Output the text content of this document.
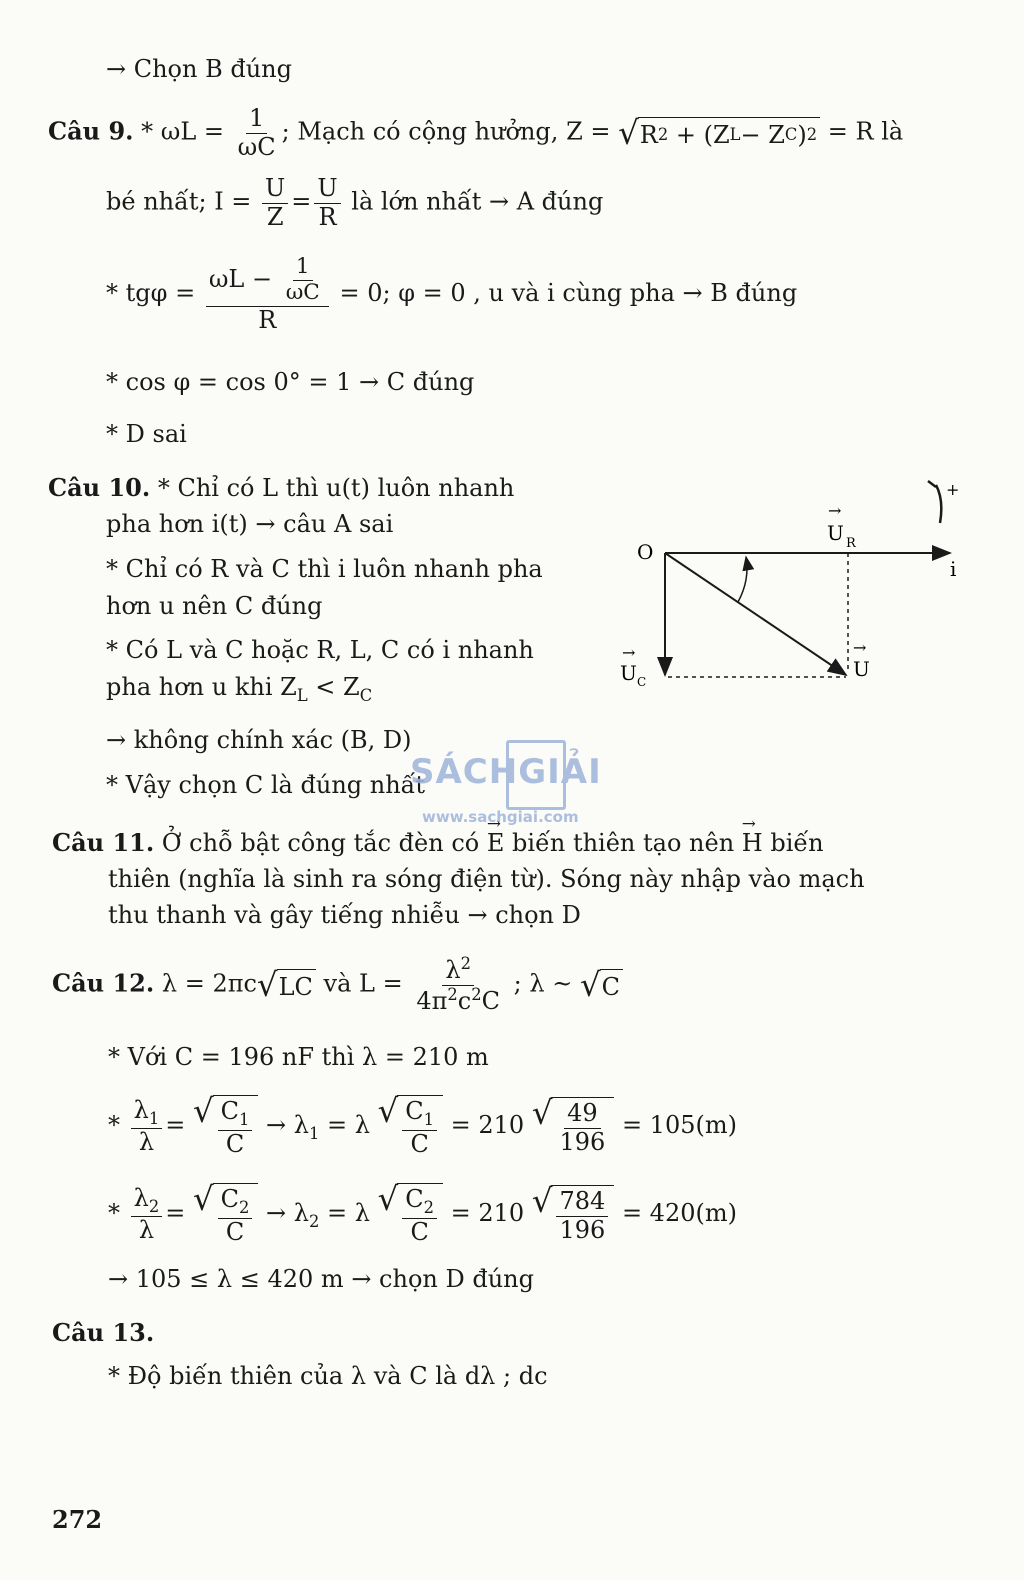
→ Chọn B đúng
Câu 9. * $\omega L = \frac{1}{\omega C}$ ; Mạch có cộng hưởng, Z = √ R 2 + (Z L − Z C ) 2 = R là
bé nhất; $I = \frac{U}{Z} = \frac{U}{R}$ là lớn nhất → A đúng
* $tg\varphi = \frac{\omega L - \frac{1}{\omega C}}{R} = 0$; φ = 0 , u và i cùng pha → B đúng
* cos φ = cos 0° = 1 → C đúng
* D sai
Câu 10. * Chỉ có L thì u(t) luôn nhanh
pha hơn i(t) → câu A sai
* Chỉ có R và C thì i luôn nhanh pha
hơn u nên C đúng
* Có L và C hoặc R, L, C có i nhanh
pha hơn u khi $Z_L < Z_C$
→ không chính xác (B, D)
* Vậy chọn C là đúng nhất
+
O
i
→
U R
→
U
→
U C
SÁCHGIẢI
www.sachgiai.com
Câu 11. Ở chỗ bật công tắc đèn có → E biến thiên tạo nên → H biến
thiên (nghĩa là sinh ra sóng điện từ). Sóng này nhập vào mạch
thu thanh và gây tiếng nhiễu → chọn D
Câu 12. λ = 2πc √ LC và $L = \frac{\lambda^2}{4\pi^2c^2C}$ ; λ ~ √ C
* Với C = 196 nF thì λ = 210 m
* $\frac{\lambda_1}{\lambda}$ = √ $\frac{C_1}{C} \to \lambda_1 = \lambda$ √ $\frac{C_1}{C} = 210$ √ $\frac{49}{196} = 105(m)$
* $\frac{\lambda_2}{\lambda}$ = √ $\frac{C_2}{C} \to \lambda_2 = \lambda$ √ $\frac{C_2}{C} = 210$ √ $\frac{784}{196} = 420(m)$
→ 105 ≤ λ ≤ 420 m → chọn D đúng
Câu 13.
* Độ biến thiên của λ và C là dλ ; dc
272
